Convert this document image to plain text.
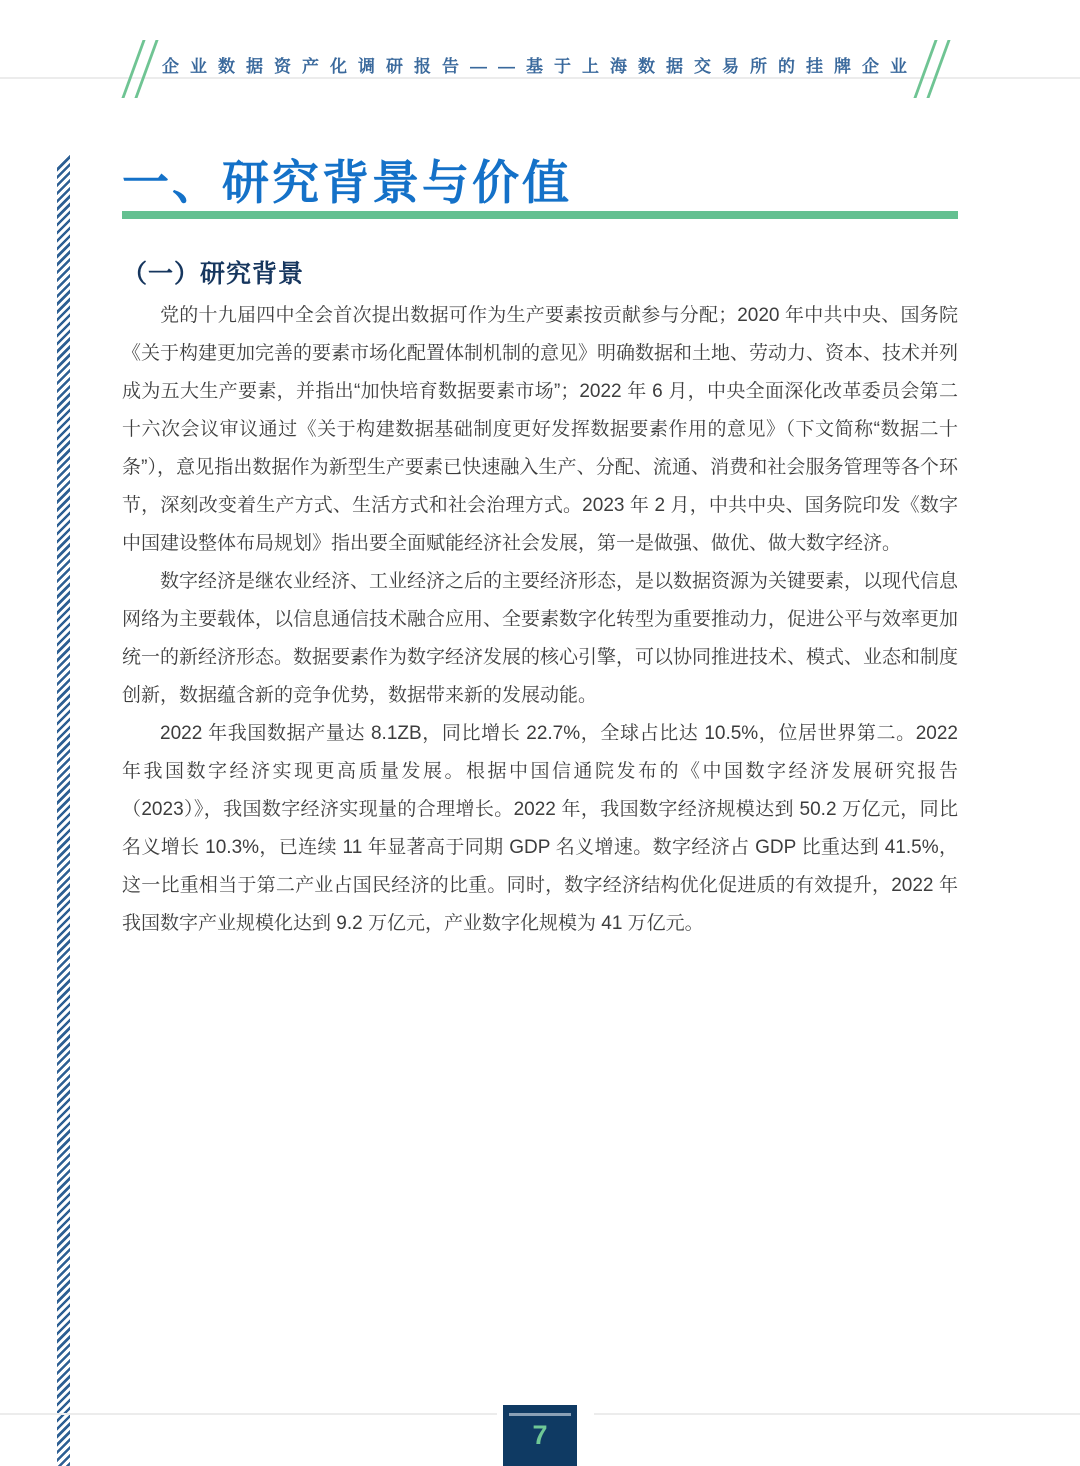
企业数据资产化调研报告——基于上海数据交易所的挂牌企业
一、研究背景与价值
（一）研究背景

党的十九届四中全会首次提出数据可作为生产要素按贡献参与分配；2020 年中共中央、国务院《关于构建更加完善的要素市场化配置体制机制的意见》明确数据和土地、劳动力、资本、技术并列成为五大生产要素，并指出“加快培育数据要素市场”；2022 年 6 月，中央全面深化改革委员会第二十六次会议审议通过《关于构建数据基础制度更好发挥数据要素作用的意见》（下文简称“数据二十条”），意见指出数据作为新型生产要素已快速融入生产、分配、流通、消费和社会服务管理等各个环节，深刻改变着生产方式、生活方式和社会治理方式。2023 年 2 月，中共中央、国务院印发《数字中国建设整体布局规划》指出要全面赋能经济社会发展，第一是做强、做优、做大数字经济。

数字经济是继农业经济、工业经济之后的主要经济形态，是以数据资源为关键要素，以现代信息网络为主要载体，以信息通信技术融合应用、全要素数字化转型为重要推动力，促进公平与效率更加统一的新经济形态。数据要素作为数字经济发展的核心引擎，可以协同推进技术、模式、业态和制度创新，数据蕴含新的竞争优势，数据带来新的发展动能。

2022 年我国数据产量达 8.1ZB，同比增长 22.7%，全球占比达 10.5%，位居世界第二。2022 年我国数字经济实现更高质量发展。根据中国信通院发布的《中国数字经济发展研究报告（2023）》，我国数字经济实现量的合理增长。2022 年，我国数字经济规模达到 50.2 万亿元，同比名义增长 10.3%，已连续 11 年显著高于同期 GDP 名义增速。数字经济占 GDP 比重达到 41.5%，这一比重相当于第二产业占国民经济的比重。同时，数字经济结构优化促进质的有效提升，2022 年我国数字产业规模化达到 9.2 万亿元，产业数字化规模为 41 万亿元。

7
